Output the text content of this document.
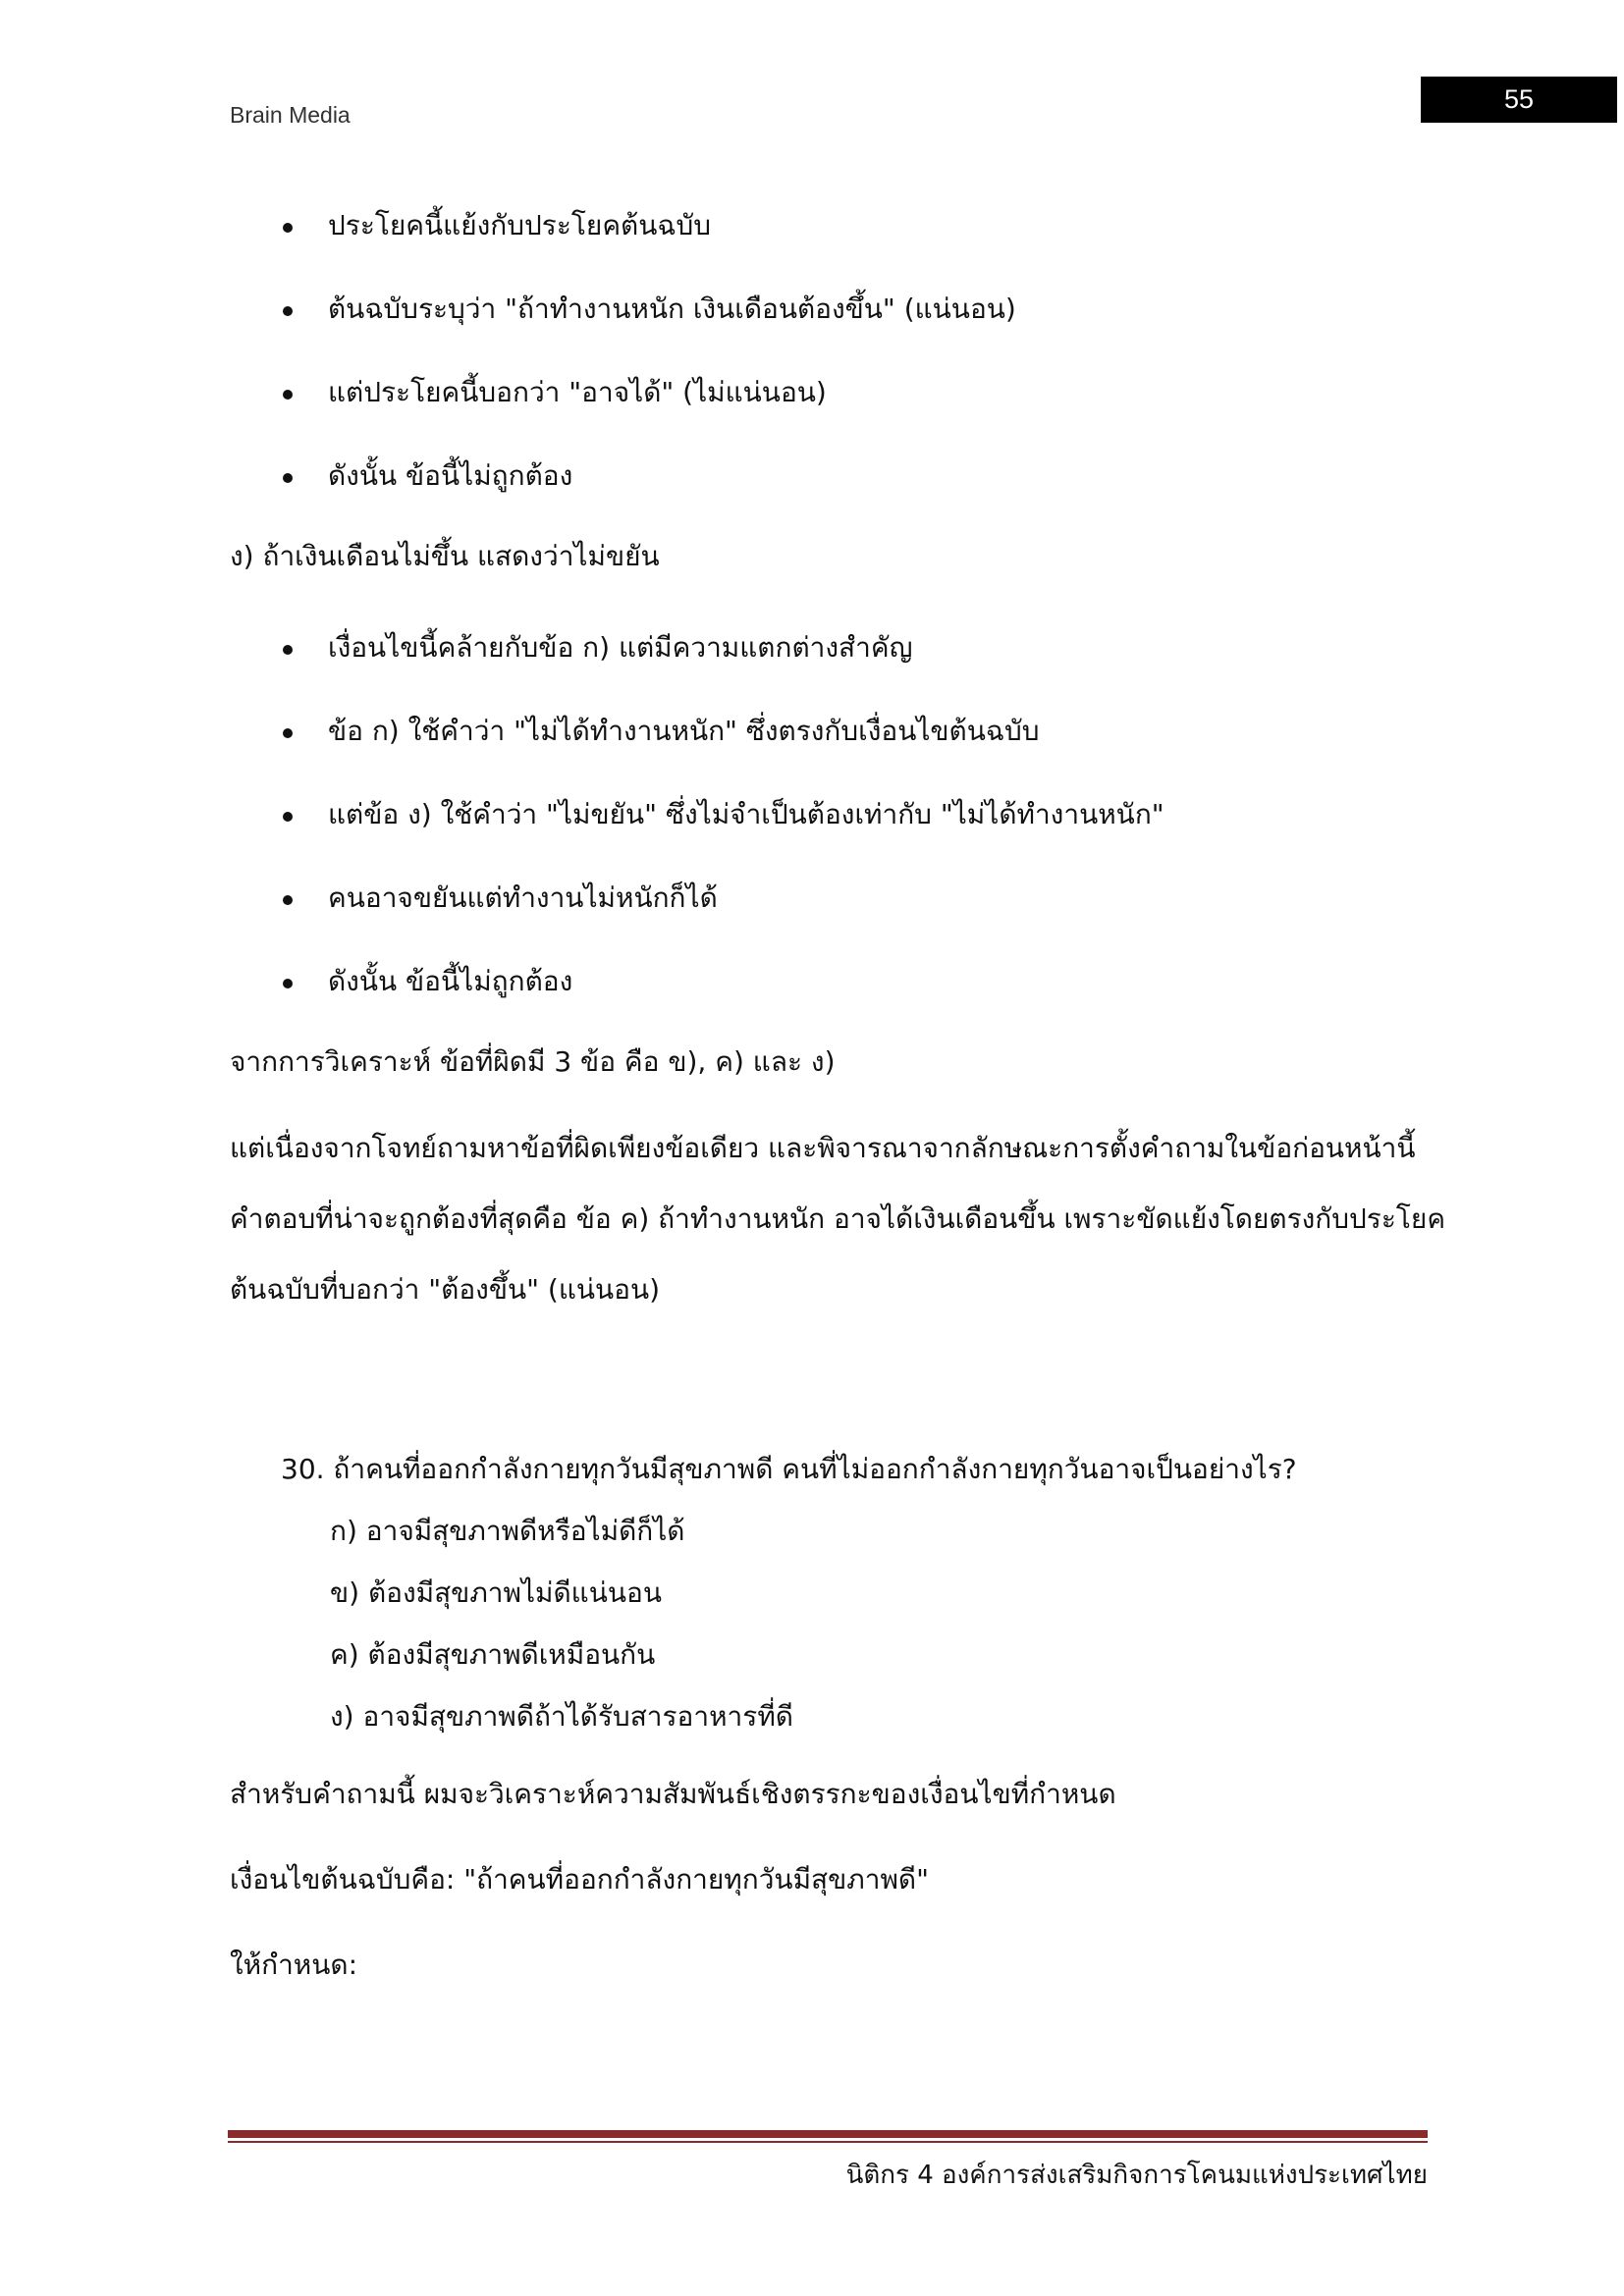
Brain Media
55
ประโยคนี้แย้งกับประโยคต้นฉบับ
ต้นฉบับระบุว่า "ถ้าทำงานหนัก เงินเดือนต้องขึ้น" (แน่นอน)
แต่ประโยคนี้บอกว่า "อาจได้" (ไม่แน่นอน)
ดังนั้น ข้อนี้ไม่ถูกต้อง
ง) ถ้าเงินเดือนไม่ขึ้น แสดงว่าไม่ขยัน
เงื่อนไขนี้คล้ายกับข้อ ก) แต่มีความแตกต่างสำคัญ
ข้อ ก) ใช้คำว่า "ไม่ได้ทำงานหนัก" ซึ่งตรงกับเงื่อนไขต้นฉบับ
แต่ข้อ ง) ใช้คำว่า "ไม่ขยัน" ซึ่งไม่จำเป็นต้องเท่ากับ "ไม่ได้ทำงานหนัก"
คนอาจขยันแต่ทำงานไม่หนักก็ได้
ดังนั้น ข้อนี้ไม่ถูกต้อง
จากการวิเคราะห์ ข้อที่ผิดมี 3 ข้อ คือ ข), ค) และ ง)
แต่เนื่องจากโจทย์ถามหาข้อที่ผิดเพียงข้อเดียว และพิจารณาจากลักษณะการตั้งคำถามในข้อก่อนหน้านี้
คำตอบที่น่าจะถูกต้องที่สุดคือ ข้อ ค) ถ้าทำงานหนัก อาจได้เงินเดือนขึ้น เพราะขัดแย้งโดยตรงกับประโยค
ต้นฉบับที่บอกว่า "ต้องขึ้น" (แน่นอน)
30. ถ้าคนที่ออกกำลังกายทุกวันมีสุขภาพดี คนที่ไม่ออกกำลังกายทุกวันอาจเป็นอย่างไร?
ก) อาจมีสุขภาพดีหรือไม่ดีก็ได้
ข) ต้องมีสุขภาพไม่ดีแน่นอน
ค) ต้องมีสุขภาพดีเหมือนกัน
ง) อาจมีสุขภาพดีถ้าได้รับสารอาหารที่ดี
สำหรับคำถามนี้ ผมจะวิเคราะห์ความสัมพันธ์เชิงตรรกะของเงื่อนไขที่กำหนด
เงื่อนไขต้นฉบับคือ: "ถ้าคนที่ออกกำลังกายทุกวันมีสุขภาพดี"
ให้กำหนด:
นิติกร 4 องค์การส่งเสริมกิจการโคนมแห่งประเทศไทย
